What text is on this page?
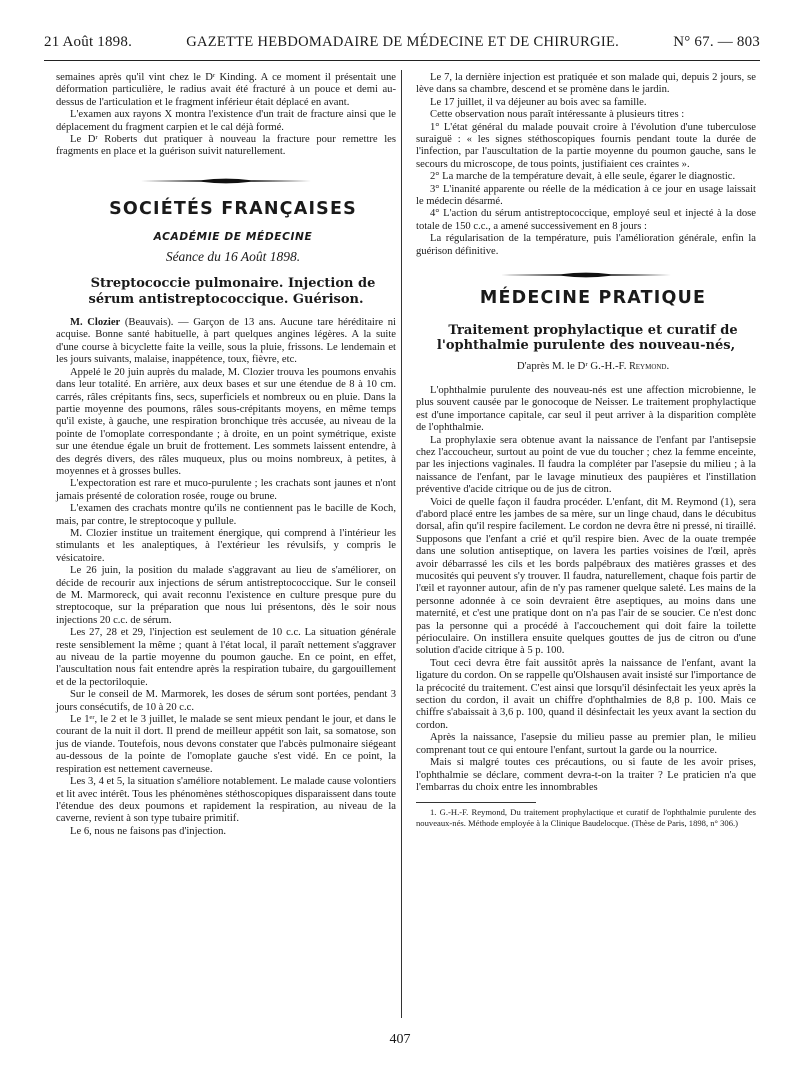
21 Août 1898.	GAZETTE HEBDOMADAIRE DE MÉDECINE ET DE CHIRURGIE.	N° 67. — 803

semaines après qu'il vint chez le Dʳ Kinding. A ce moment il présentait une déformation particulière, le radius avait été fracturé à un pouce et demi au-dessus de l'articulation et le fragment inférieur était déplacé en avant.

L'examen aux rayons X montra l'existence d'un trait de fracture ainsi que le déplacement du fragment carpien et le cal déjà formé.

Le Dʳ Roberts dut pratiquer à nouveau la fracture pour remettre les fragments en place et la guérison suivit naturellement.

SOCIÉTÉS FRANÇAISES

ACADÉMIE DE MÉDECINE

Séance du 16 Août 1898.

Streptococcie pulmonaire. Injection de sérum antistreptococcique. Guérison.

M. Clozier (Beauvais). — Garçon de 13 ans. Aucune tare héréditaire ni acquise. Bonne santé habituelle, à part quelques angines légères. A la suite d'une course à bicyclette faite la veille, sous la pluie, frissons. Le lendemain et les jours suivants, malaise, inappétence, toux, fièvre, etc.

Appelé le 20 juin auprès du malade, M. Clozier trouva les poumons envahis dans leur totalité. En arrière, aux deux bases et sur une étendue de 8 à 10 cm. carrés, râles crépitants fins, secs, superficiels et nombreux ou en pluie. Dans la partie moyenne des poumons, râles sous-crépitants moyens, en même temps qu'il existe, à gauche, une respiration bronchique très accusée, au niveau de la pointe de l'omoplate correspondante ; à droite, en un point symétrique, existe sur une étendue égale un bruit de frottement. Les sommets laissent entendre, à des degrés divers, des râles muqueux, plus ou moins nombreux, à petites, à moyennes et à grosses bulles.

L'expectoration est rare et muco-purulente ; les crachats sont jaunes et n'ont jamais présenté de coloration rosée, rouge ou brune.

L'examen des crachats montre qu'ils ne contiennent pas le bacille de Koch, mais, par contre, le streptocoque y pullule.

M. Clozier institue un traitement énergique, qui comprend à l'intérieur les stimulants et les analeptiques, à l'extérieur les révulsifs, y compris le vésicatoire.

Le 26 juin, la position du malade s'aggravant au lieu de s'améliorer, on décide de recourir aux injections de sérum antistreptococcique. Sur le conseil de M. Marmoreck, qui avait reconnu l'existence en culture presque pure du streptocoque, sur la préparation que nous lui présentons, dès le soir nous injections 20 c.c. de sérum.

Les 27, 28 et 29, l'injection est seulement de 10 c.c. La situation générale reste sensiblement la même ; quant à l'état local, il paraît nettement s'aggraver au niveau de la partie moyenne du poumon gauche. En ce point, en effet, l'auscultation nous fait entendre après la respiration tubaire, du gargouillement et de la pectoriloquie.

Sur le conseil de M. Marmorek, les doses de sérum sont portées, pendant 3 jours consécutifs, de 10 à 20 c.c.

Le 1ᵉʳ, le 2 et le 3 juillet, le malade se sent mieux pendant le jour, et dans le courant de la nuit il dort. Il prend de meilleur appétit son lait, sa somatose, son jus de viande. Toutefois, nous devons constater que l'abcès pulmonaire siégeant au-dessous de la pointe de l'omoplate gauche s'est vidé. En ce point, la respiration est nettement caverneuse.

Les 3, 4 et 5, la situation s'améliore notablement. Le malade cause volontiers et lit avec intérêt. Tous les phénomènes stéthoscopiques disparaissent dans toute l'étendue des deux poumons et rapidement la respiration, au niveau de la caverne, revient à son type tubaire primitif.

Le 6, nous ne faisons pas d'injection.

Le 7, la dernière injection est pratiquée et son malade qui, depuis 2 jours, se lève dans sa chambre, descend et se promène dans le jardin.

Le 17 juillet, il va déjeuner au bois avec sa famille.

Cette observation nous paraît intéressante à plusieurs titres :

1° L'état général du malade pouvait croire à l'évolution d'une tuberculose suraiguë : « les signes stéthoscopiques fournis pendant toute la durée de l'infection, par l'auscultation de la partie moyenne du poumon gauche, sans le secours du microscope, de tous points, justifiaient ces craintes ».

2° La marche de la température devait, à elle seule, égarer le diagnostic.

3° L'inanité apparente ou réelle de la médication à ce jour en usage laissait le médecin désarmé.

4° L'action du sérum antistreptococcique, employé seul et injecté à la dose totale de 150 c.c., a amené successivement en 8 jours :

La régularisation de la température, puis l'amélioration générale, enfin la guérison définitive.

MÉDECINE PRATIQUE

Traitement prophylactique et curatif de l'ophthalmie purulente des nouveau-nés,

D'après M. le Dʳ G.-H.-F. Reymond.

L'ophthalmie purulente des nouveau-nés est une affection microbienne, le plus souvent causée par le gonocoque de Neisser. Le traitement prophylactique est d'une importance capitale, car seul il peut arriver à la disparition complète de l'ophthalmie.

La prophylaxie sera obtenue avant la naissance de l'enfant par l'antisepsie chez l'accoucheur, surtout au point de vue du toucher ; chez la femme enceinte, par les injections vaginales. Il faudra la compléter par l'asepsie du milieu ; à la naissance de l'enfant, par le lavage minutieux des paupières et l'instillation préventive d'acide citrique ou de jus de citron.

Voici de quelle façon il faudra procéder. L'enfant, dit M. Reymond (1), sera d'abord placé entre les jambes de sa mère, sur un linge chaud, dans le décubitus dorsal, afin qu'il respire facilement. Le cordon ne devra être ni pressé, ni tiraillé. Supposons que l'enfant a crié et qu'il respire bien. Avec de la ouate trempée dans une solution antiseptique, on lavera les parties voisines de l'œil, après avoir débarrassé les cils et les bords palpébraux des matières grasses et des mucosités qui peuvent s'y trouver. Il faudra, naturellement, chaque fois partir de l'œil et rayonner autour, afin de n'y pas ramener quelque saleté. Les mains de la personne adonnée à ce soin devraient être aseptiques, au moins dans une maternité, et c'est une pratique dont on n'a pas l'air de se soucier. Ce n'est donc pas la personne qui a procédé à l'accouchement qui doit faire la toilette périoculaire. On instillera ensuite quelques gouttes de jus de citron ou d'une solution d'acide citrique à 5 p. 100.

Tout ceci devra être fait aussitôt après la naissance de l'enfant, avant la ligature du cordon. On se rappelle qu'Olshausen avait insisté sur l'importance de la précocité du traitement. C'est ainsi que lorsqu'il désinfectait les yeux après la section du cordon, il avait un chiffre d'ophthalmies de 8,8 p. 100. Mais ce chiffre s'abaissait à 3,6 p. 100, quand il désinfectait les yeux avant la section du cordon.

Après la naissance, l'asepsie du milieu passe au premier plan, le milieu comprenant tout ce qui entoure l'enfant, surtout la garde ou la nourrice.

Mais si malgré toutes ces précautions, ou si faute de les avoir prises, l'ophthalmie se déclare, comment devra-t-on la traiter ? Le praticien n'a que l'embarras du choix entre les innombrables

1. G.-H.-F. Reymond, Du traitement prophylactique et curatif de l'ophthalmie purulente des nouveaux-nés. Méthode employée à la Clinique Baudelocque. (Thèse de Paris, 1898, n° 306.)

407
